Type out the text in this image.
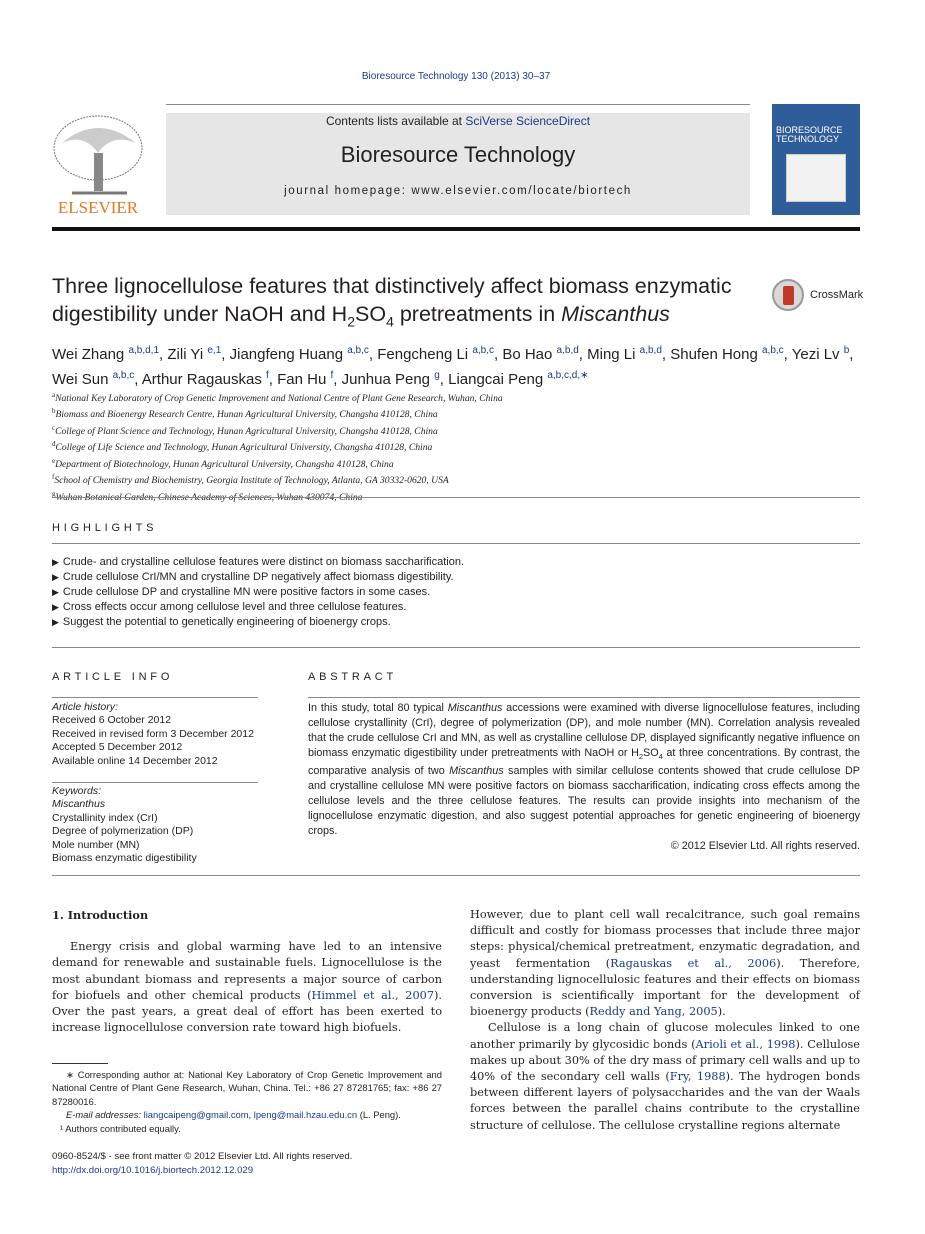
Bioresource Technology 130 (2013) 30–37
ELSEVIER
Contents lists available at SciVerse ScienceDirect
Bioresource Technology
journal homepage: www.elsevier.com/locate/biortech
BIORESOURCE TECHNOLOGY
Three lignocellulose features that distinctively affect biomass enzymatic digestibility under NaOH and $H_2SO_4$ pretreatments in Miscanthus
CrossMark
Wei Zhang $^{a,b,d,1}$, Zili Yi $^{e,1}$, Jiangfeng Huang $^{a,b,c}$, Fengcheng Li $^{a,b,c}$, Bo Hao $^{a,b,d}$, Ming Li $^{a,b,d}$, Shufen Hong $^{a,b,c}$, Yezi Lv $^b$, Wei Sun $^{a,b,c}$, Arthur Ragauskas $^f$, Fan Hu $^f$, Junhua Peng $^g$, Liangcai Peng $^{a,b,c,d,∗}$
$^a$National Key Laboratory of Crop Genetic Improvement and National Centre of Plant Gene Research, Wuhan, China
$^b$Biomass and Bioenergy Research Centre, Hunan Agricultural University, Changsha 410128, China
$^c$College of Plant Science and Technology, Hunan Agricultural University, Changsha 410128, China
$^d$College of Life Science and Technology, Hunan Agricultural University, Changsha 410128, China
$^e$Department of Biotechnology, Hunan Agricultural University, Changsha 410128, China
$^f$School of Chemistry and Biochemistry, Georgia Institute of Technology, Atlanta, GA 30332-0620, USA
$^g$Wuhan Botanical Garden, Chinese Academy of Sciences, Wuhan 430074, China
HIGHLIGHTS
▶ Crude- and crystalline cellulose features were distinct on biomass saccharification.
▶ Crude cellulose CrI/MN and crystalline DP negatively affect biomass digestibility.
▶ Crude cellulose DP and crystalline MN were positive factors in some cases.
▶ Cross effects occur among cellulose level and three cellulose features.
▶ Suggest the potential to genetically engineering of bioenergy crops.
ARTICLE INFO
Article history:
Received 6 October 2012
Received in revised form 3 December 2012
Accepted 5 December 2012
Available online 14 December 2012
Keywords:
Miscanthus
Crystallinity index (CrI)
Degree of polymerization (DP)
Mole number (MN)
Biomass enzymatic digestibility
ABSTRACT
In this study, total 80 typical Miscanthus accessions were examined with diverse lignocellulose features, including cellulose crystallinity (CrI), degree of polymerization (DP), and mole number (MN). Correlation analysis revealed that the crude cellulose CrI and MN, as well as crystalline cellulose DP, displayed significantly negative influence on biomass enzymatic digestibility under pretreatments with NaOH or $H_2SO_4$ at three concentrations. By contrast, the comparative analysis of two Miscanthus samples with similar cellulose contents showed that crude cellulose DP and crystalline cellulose MN were positive factors on biomass saccharification, indicating cross effects among the cellulose levels and the three cellulose features. The results can provide insights into mechanism of the lignocellulose enzymatic digestion, and also suggest potential approaches for genetic engineering of bioenergy crops.
© 2012 Elsevier Ltd. All rights reserved.

1. Introduction

Energy crisis and global warming have led to an intensive demand for renewable and sustainable fuels. Lignocellulose is the most abundant biomass and represents a major source of carbon for biofuels and other chemical products (Himmel et al., 2007). Over the past years, a great deal of effort has been exerted to increase lignocellulose conversion rate toward high biofuels.

However, due to plant cell wall recalcitrance, such goal remains difficult and costly for biomass processes that include three major steps: physical/chemical pretreatment, enzymatic degradation, and yeast fermentation (Ragauskas et al., 2006). Therefore, understanding lignocellulosic features and their effects on biomass conversion is scientifically important for the development of bioenergy products (Reddy and Yang, 2005).

Cellulose is a long chain of glucose molecules linked to one another primarily by glycosidic bonds (Arioli et al., 1998). Cellulose makes up about 30% of the dry mass of primary cell walls and up to 40% of the secondary cell walls (Fry, 1988). The hydrogen bonds between different layers of polysaccharides and the van der Waals forces between the parallel chains contribute to the crystalline structure of cellulose. The cellulose crystalline regions alternate

∗ Corresponding author at: National Key Laboratory of Crop Genetic Improvement and National Centre of Plant Gene Research, Wuhan, China. Tel.: +86 27 87281765; fax: +86 27 87280016.
E-mail addresses: liangcaipeng@gmail.com, lpeng@mail.hzau.edu.cn (L. Peng).
¹ Authors contributed equally.
0960-8524/$ - see front matter © 2012 Elsevier Ltd. All rights reserved.
http://dx.doi.org/10.1016/j.biortech.2012.12.029
